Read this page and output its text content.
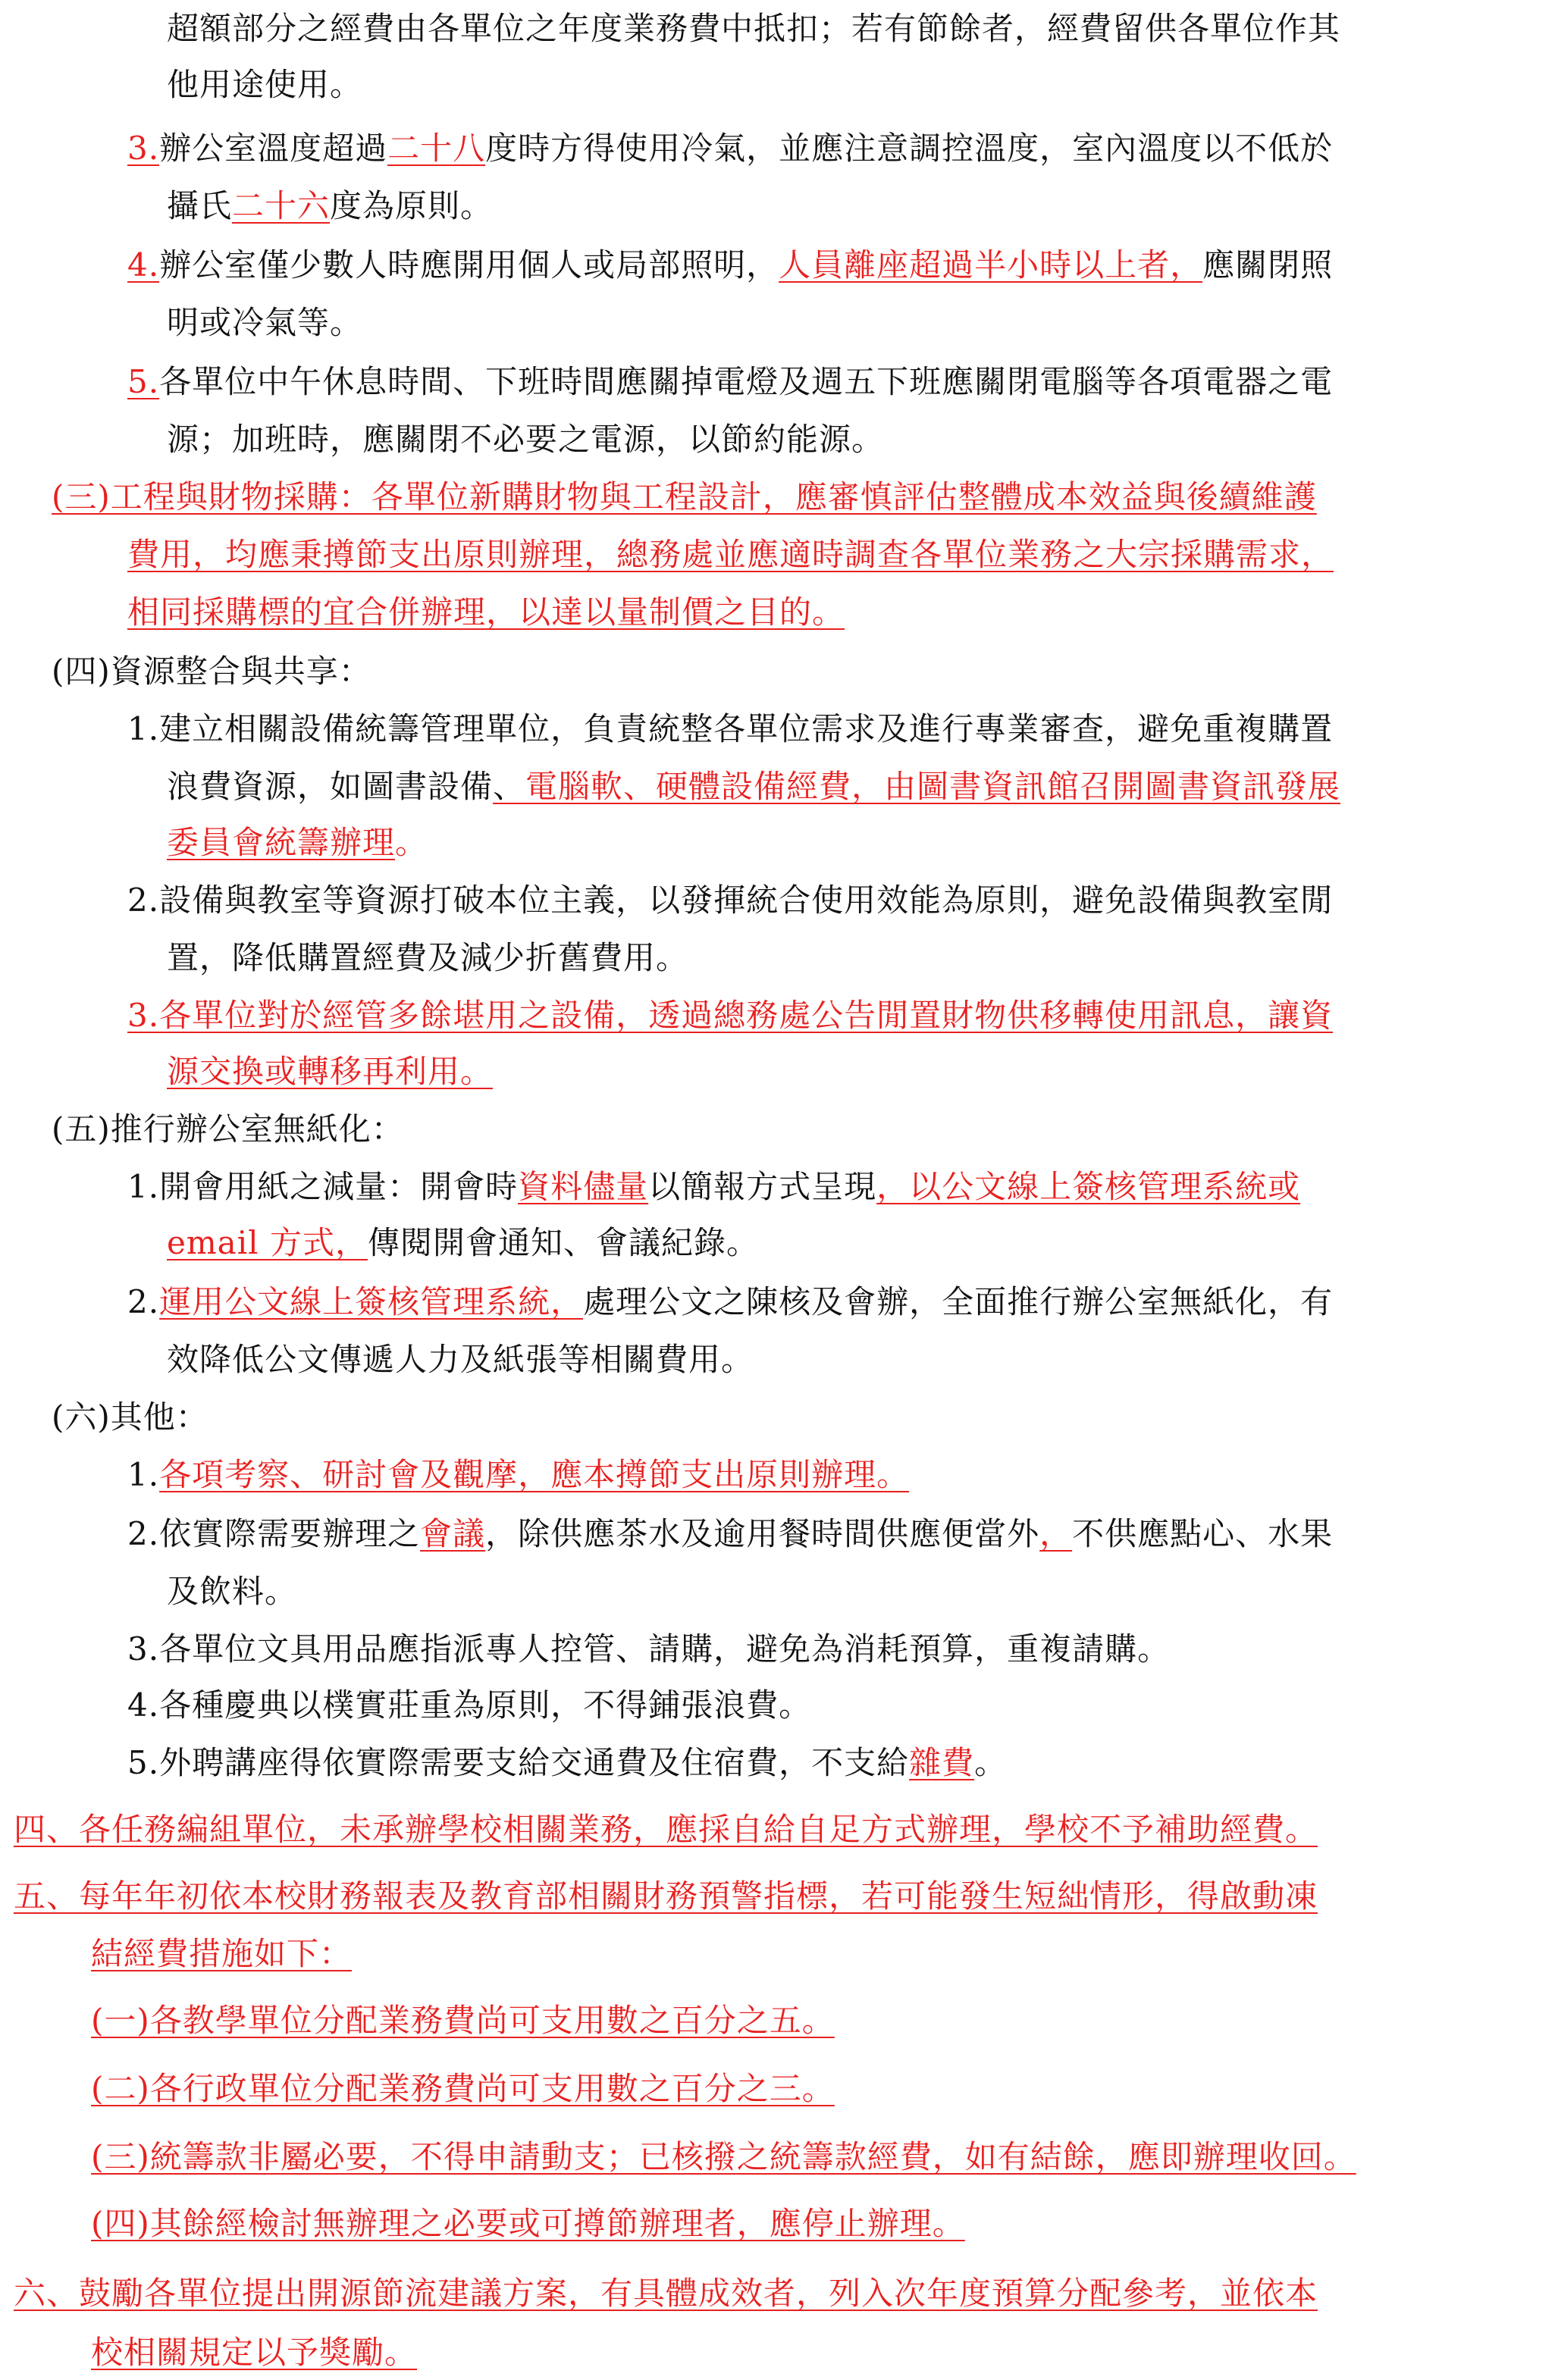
超額部分之經費由各單位之年度業務費中抵扣；若有節餘者，經費留供各單位作其
他用途使用。
3.辦公室溫度超過二十八度時方得使用冷氣，並應注意調控溫度，室內溫度以不低於
攝氏二十六度為原則。
4.辦公室僅少數人時應開用個人或局部照明，人員離座超過半小時以上者，應關閉照
明或冷氣等。
5.各單位中午休息時間、下班時間應關掉電燈及週五下班應關閉電腦等各項電器之電
源；加班時，應關閉不必要之電源，以節約能源。
(三)工程與財物採購：各單位新購財物與工程設計，應審慎評估整體成本效益與後續維護
費用，均應秉撙節支出原則辦理，總務處並應適時調查各單位業務之大宗採購需求，
相同採購標的宜合併辦理，以達以量制價之目的。
(四)資源整合與共享：
1.建立相關設備統籌管理單位，負責統整各單位需求及進行專業審查，避免重複購置
浪費資源，如圖書設備、電腦軟、硬體設備經費，由圖書資訊館召開圖書資訊發展
委員會統籌辦理。
2.設備與教室等資源打破本位主義，以發揮統合使用效能為原則，避免設備與教室閒
置，降低購置經費及減少折舊費用。
3.各單位對於經管多餘堪用之設備，透過總務處公告閒置財物供移轉使用訊息，讓資
源交換或轉移再利用。
(五)推行辦公室無紙化：
1.開會用紙之減量：開會時資料儘量以簡報方式呈現，以公文線上簽核管理系統或
email 方式，傳閱開會通知、會議紀錄。
2.運用公文線上簽核管理系統，處理公文之陳核及會辦，全面推行辦公室無紙化，有
效降低公文傳遞人力及紙張等相關費用。
(六)其他：
1.各項考察、研討會及觀摩，應本撙節支出原則辦理。
2.依實際需要辦理之會議，除供應茶水及逾用餐時間供應便當外，不供應點心、水果
及飲料。
3.各單位文具用品應指派專人控管、請購，避免為消耗預算，重複請購。
4.各種慶典以樸實莊重為原則，不得鋪張浪費。
5.外聘講座得依實際需要支給交通費及住宿費，不支給雜費。
四、各任務編組單位，未承辦學校相關業務，應採自給自足方式辦理，學校不予補助經費。
五、每年年初依本校財務報表及教育部相關財務預警指標，若可能發生短絀情形，得啟動凍
結經費措施如下：
(一)各教學單位分配業務費尚可支用數之百分之五。
(二)各行政單位分配業務費尚可支用數之百分之三。
(三)統籌款非屬必要，不得申請動支；已核撥之統籌款經費，如有結餘，應即辦理收回。
(四)其餘經檢討無辦理之必要或可撙節辦理者，應停止辦理。
六、鼓勵各單位提出開源節流建議方案，有具體成效者，列入次年度預算分配參考，並依本
校相關規定以予獎勵。
